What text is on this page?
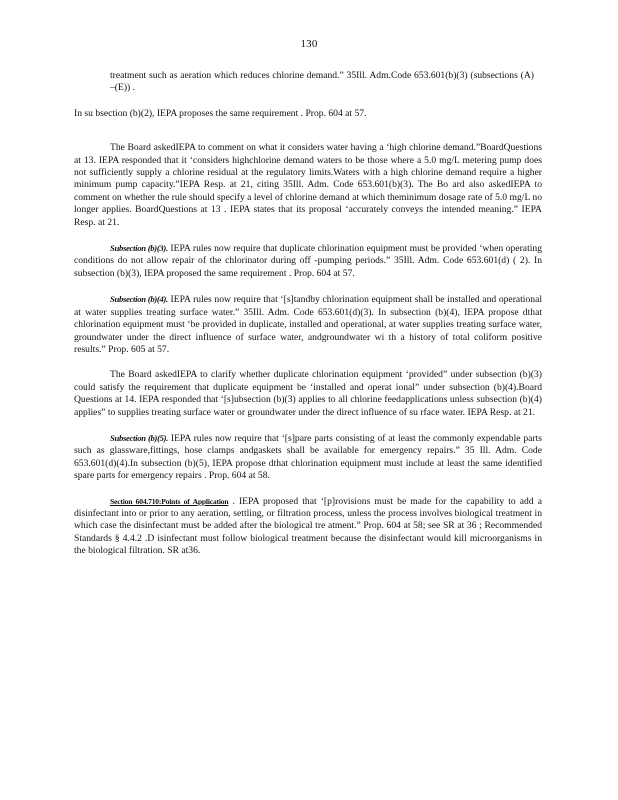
130

treatment such as aeration which reduces chlorine demand.” 35Ill. Adm.Code 653.601(b)(3) (subsections (A) –(E)) .

In su bsection (b)(2), IEPA proposes the same requirement . Prop. 604 at 57.

The Board askedIEPA to comment on what it considers water having a ‘high chlorine demand.”BoardQuestions at 13. IEPA responded that it ‘considers highchlorine demand waters to be those where a 5.0 mg/L metering pump does not sufficiently supply a chlorine residual at the regulatory limits.Waters with a high chlorine demand require a higher minimum pump capacity.”IEPA Resp. at 21, citing 35Ill. Adm. Code 653.601(b)(3). The Bo ard also askedIEPA to comment on whether the rule should specify a level of chlorine demand at which theminimum dosage rate of 5.0 mg/L no longer applies. BoardQuestions at 13 . IEPA states that its proposal ‘accurately conveys the intended meaning.” IEPA Resp. at 21.

Subsection (b)(3). IEPA rules now require that duplicate chlorination equipment must be provided ‘when operating conditions do not allow repair of the chlorinator during off -pumping periods.” 35Ill. Adm. Code 653.601(d) ( 2). In subsection (b)(3), IEPA proposed the same requirement . Prop. 604 at 57.

Subsection (b)(4). IEPA rules now require that ‘[s]tandby chlorination equipment shall be installed and operational at water supplies treating surface water.” 35Ill. Adm. Code 653.601(d)(3). In subsection (b)(4), IEPA propose dthat chlorination equipment must ‘be provided in duplicate, installed and operational, at water supplies treating surface water, groundwater under the direct influence of surface water, andgroundwater wi th a history of total coliform positive results.” Prop. 605 at 57.

The Board askedIEPA to clarify whether duplicate chlorination equipment ‘provided” under subsection (b)(3) could satisfy the requirement that duplicate equipment be ‘installed and operat ional” under subsection (b)(4).Board Questions at 14. IEPA responded that ‘[s]ubsection (b)(3) applies to all chlorine feedapplications unless subsection (b)(4) applies” to supplies treating surface water or groundwater under the direct influence of su rface water. IEPA Resp. at 21.

Subsection (b)(5). IEPA rules now require that ‘[s]pare parts consisting of at least the commonly expendable parts such as glassware,fittings, hose clamps andgaskets shall be available for emergency repairs.” 35 Ill. Adm. Code 653.601(d)(4).In subsection (b)(5), IEPA propose dthat chlorination equipment must include at least the same identified spare parts for emergency repairs . Prop. 604 at 58.

Section 604.710:Points of Application . IEPA proposed that ‘[p]rovisions must be made for the capability to add a disinfectant into or prior to any aeration, settling, or filtration process, unless the process involves biological treatment in which case the disinfectant must be added after the biological tre atment.” Prop. 604 at 58; see SR at 36 ; Recommended Standards § 4.4.2 .D isinfectant must follow biological treatment because the disinfectant would kill microorganisms in the biological filtration. SR at36.
